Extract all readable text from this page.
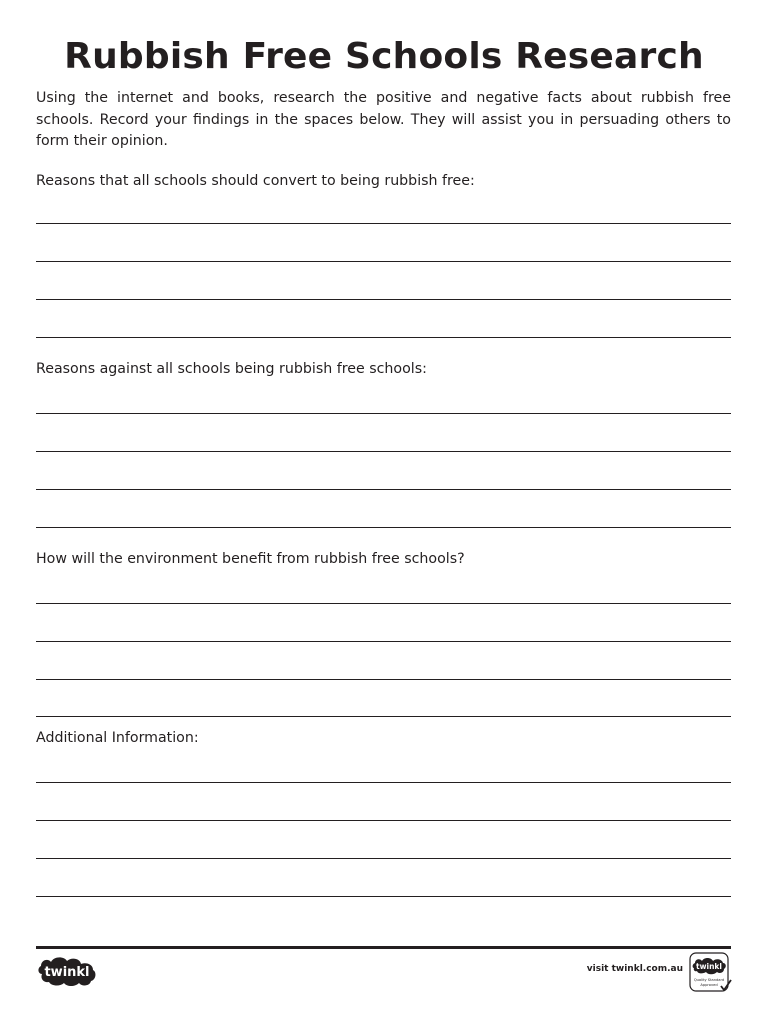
Rubbish Free Schools Research
Using the internet and books, research the positive and negative facts about rubbish free schools. Record your findings in the spaces below. They will assist you in persuading others to form their opinion.
Reasons that all schools should convert to being rubbish free:
Reasons against all schools being rubbish free schools:
How will the environment benefit from rubbish free schools?
Additional Information:
twinkl	visit twinkl.com.au twinkl
Quality Standard
Approved
